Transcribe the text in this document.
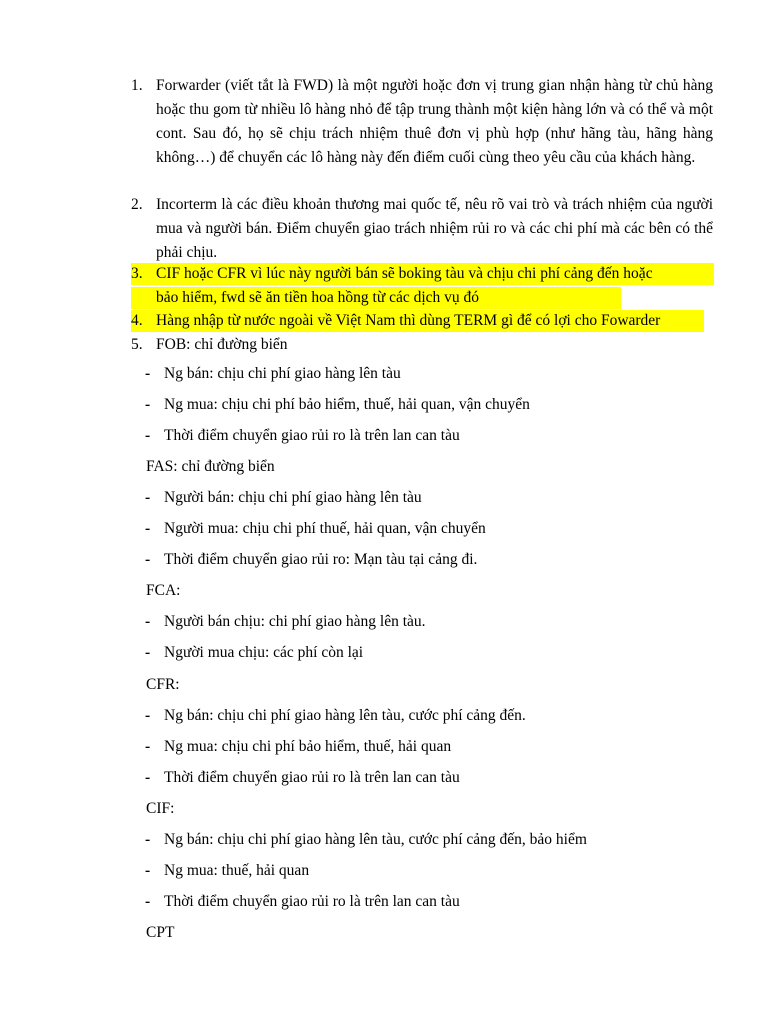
1. Forwarder (viết tắt là FWD) là một người hoặc đơn vị trung gian nhận hàng từ chủ hàng hoặc thu gom từ nhiều lô hàng nhỏ để tập trung thành một kiện hàng lớn và có thể và một cont. Sau đó, họ sẽ chịu trách nhiệm thuê đơn vị phù hợp (như hãng tàu, hãng hàng không…) để chuyển các lô hàng này đến điểm cuối cùng theo yêu cầu của khách hàng.
2. Incorterm là các điều khoản thương mai quốc tế, nêu rõ vai trò và trách nhiệm của người mua và người bán. Điểm chuyển giao trách nhiệm rủi ro và các chi phí mà các bên có thể phải chịu.
3. CIF hoặc CFR vì lúc này người bán sẽ boking tàu và chịu chi phí cảng đến hoặc
bảo hiểm, fwd sẽ ăn tiền hoa hồng từ các dịch vụ đó
4. Hàng nhập từ nước ngoài về Việt Nam thì dùng TERM gì để có lợi cho Fowarder
5. FOB: chỉ đường biển
- Ng bán: chịu chi phí giao hàng lên tàu
- Ng mua: chịu chi phí bảo hiểm, thuế, hải quan, vận chuyển
- Thời điểm chuyển giao rủi ro là trên lan can tàu
FAS: chỉ đường biển
- Người bán: chịu chi phí giao hàng lên tàu
- Người mua: chịu chi phí thuế, hải quan, vận chuyển
- Thời điểm chuyển giao rủi ro: Mạn tàu tại cảng đi.
FCA:
- Người bán chịu: chi phí giao hàng lên tàu.
- Người mua chịu: các phí còn lại
CFR:
- Ng bán: chịu chi phí giao hàng lên tàu, cước phí cảng đến.
- Ng mua: chịu chi phí bảo hiểm, thuế, hải quan
- Thời điểm chuyển giao rủi ro là trên lan can tàu
CIF:
- Ng bán: chịu chi phí giao hàng lên tàu, cước phí cảng đến, bảo hiểm
- Ng mua: thuế, hải quan
- Thời điểm chuyển giao rủi ro là trên lan can tàu
CPT
